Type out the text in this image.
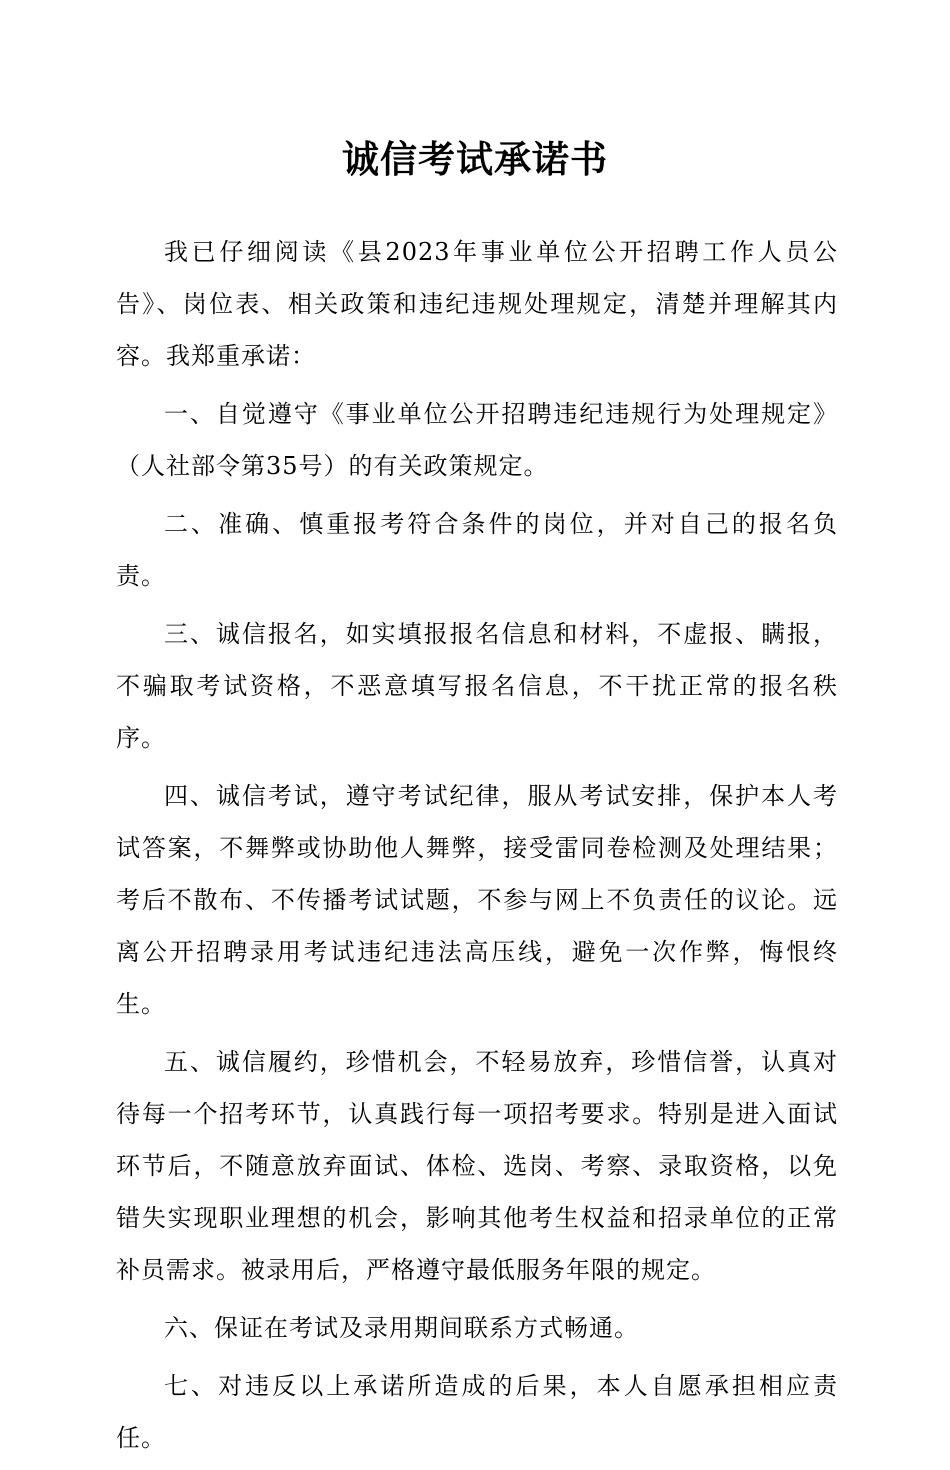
诚信考试承诺书

我已仔细阅读《县2023年事业单位公开招聘工作人员公告》、岗位表、相关政策和违纪违规处理规定，清楚并理解其内容。我郑重承诺：

一、自觉遵守《事业单位公开招聘违纪违规行为处理规定》（人社部令第35号）的有关政策规定。

二、准确、慎重报考符合条件的岗位，并对自己的报名负责。

三、诚信报名，如实填报报名信息和材料，不虚报、瞒报，不骗取考试资格，不恶意填写报名信息，不干扰正常的报名秩序。

四、诚信考试，遵守考试纪律，服从考试安排，保护本人考试答案，不舞弊或协助他人舞弊，接受雷同卷检测及处理结果；考后不散布、不传播考试试题，不参与网上不负责任的议论。远离公开招聘录用考试违纪违法高压线，避免一次作弊，悔恨终生。

五、诚信履约，珍惜机会，不轻易放弃，珍惜信誉，认真对待每一个招考环节，认真践行每一项招考要求。特别是进入面试环节后，不随意放弃面试、体检、选岗、考察、录取资格，以免错失实现职业理想的机会，影响其他考生权益和招录单位的正常补员需求。被录用后，严格遵守最低服务年限的规定。

六、保证在考试及录用期间联系方式畅通。

七、对违反以上承诺所造成的后果，本人自愿承担相应责任。
